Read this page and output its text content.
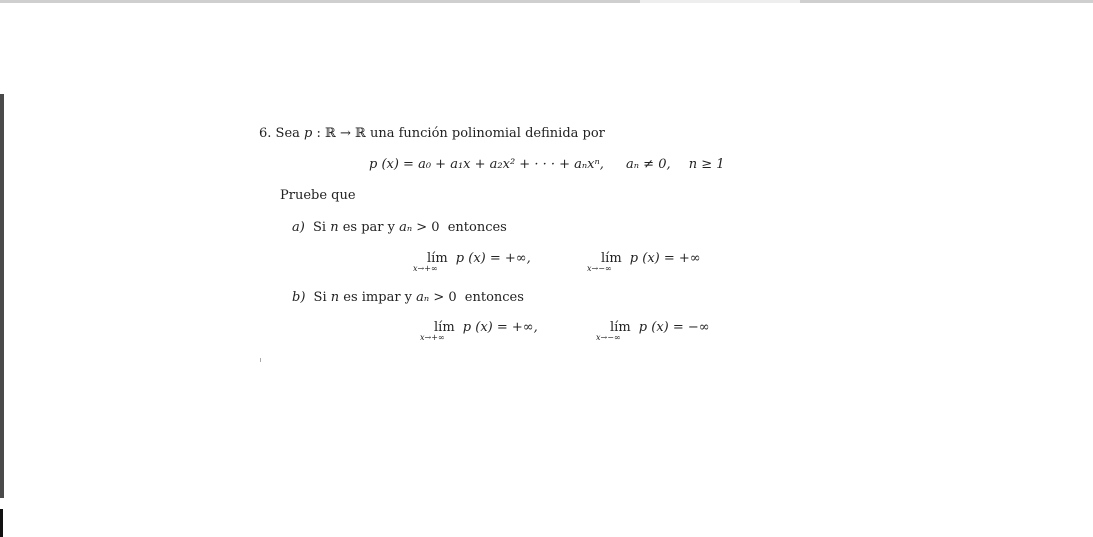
6. Sea p : ℝ → ℝ una función polinomial definida por
p (x) = a₀ + a₁x + a₂x² + · · · + aₙxⁿ, aₙ ≠ 0, n ≥ 1
Pruebe que
a) Si n es par y aₙ > 0 entonces
lím
x→+∞
p (x) = +∞,	lím
x→−∞
p (x) = +∞
b) Si n es impar y aₙ > 0 entonces
lím
x→+∞
p (x) = +∞,	lím
x→−∞
p (x) = −∞
